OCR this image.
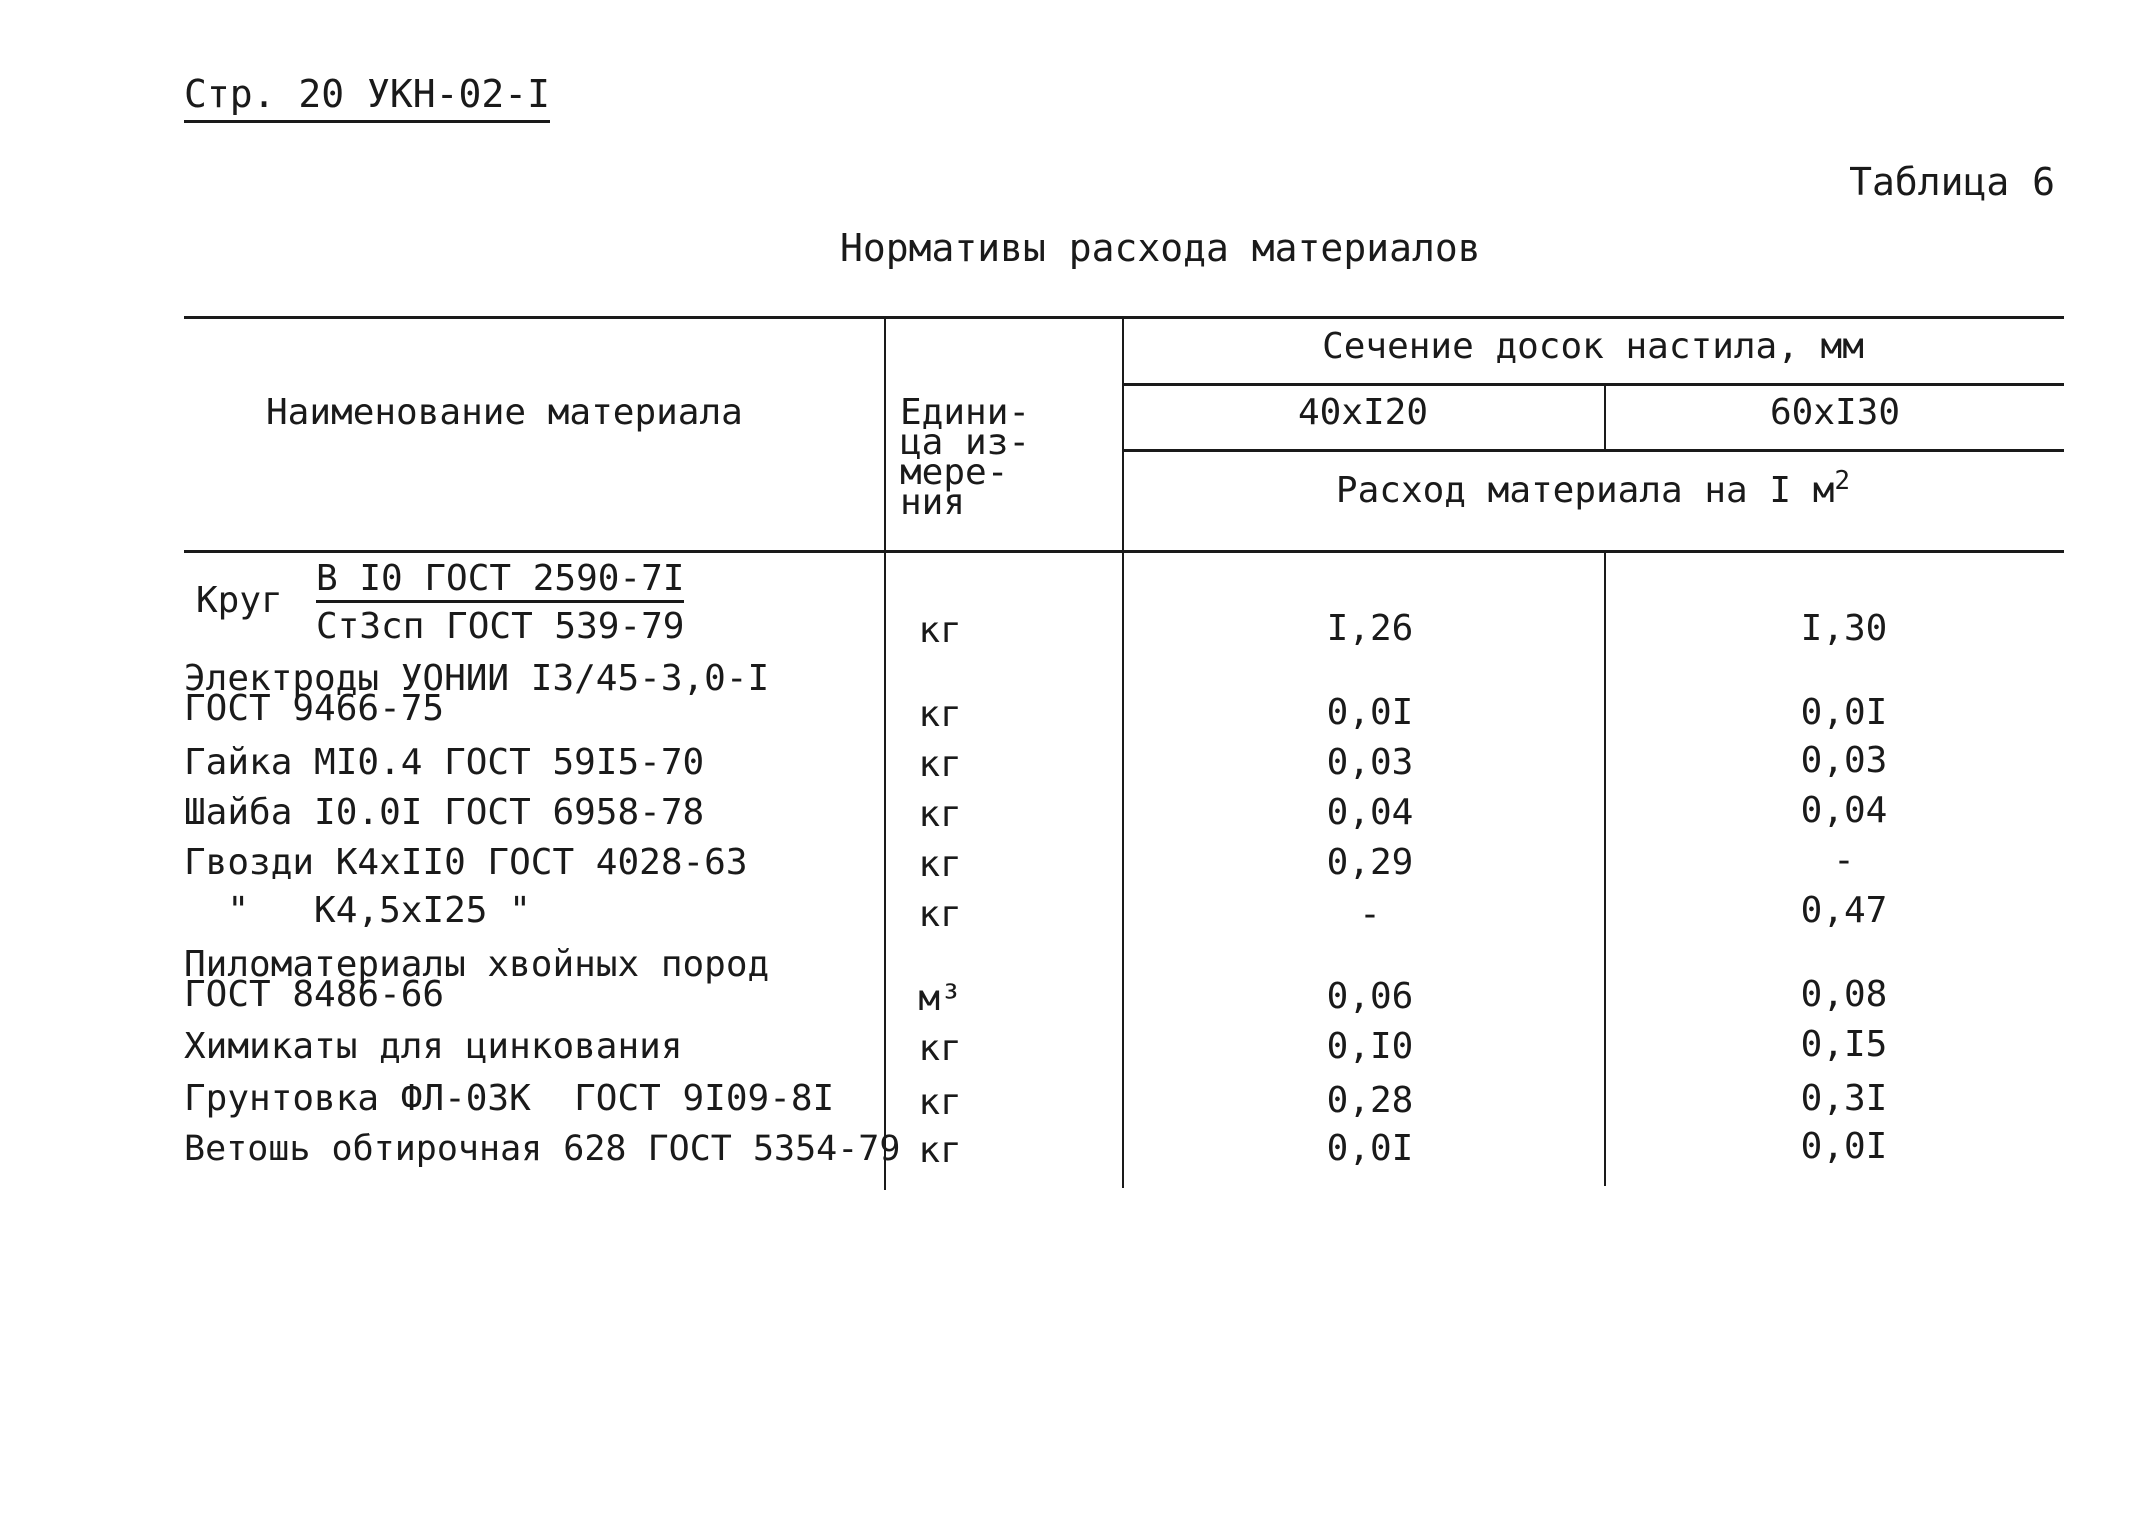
Стр. 20 УКН-02-I
Таблица 6
Нормативы расхода материалов
Наименование материала	Едини-
ца из-
мере-
ния
Сечение досок настила, мм
40хI20	60хI30
Расход материала на I $м^2$
Круг
В I0 ГОСТ 2590-7I
Ст3сп ГОСТ 539-79	кг	I,26	I,30
Электроды УОНИИ I3/45-3,0-I
ГОСТ 9466-75	кг	0,0I	0,0I
Гайка МI0.4 ГОСТ 59I5-70	кг	0,03	0,03
Шайба I0.0I ГОСТ 6958-78	кг	0,04	0,04
Гвозди К4хII0 ГОСТ 4028-63	кг	0,29	-
"   К4,5хI25 "	кг	-	0,47
Пиломатериалы хвойных пород
ГОСТ 8486-66	м³	0,06	0,08
Химикаты для цинкования	кг	0,I0	0,I5
Грунтовка ФЛ-03К  ГОСТ 9I09-8I	кг	0,28	0,3I
Ветошь обтирочная 628 ГОСТ 5354-79 кг	0,0I	0,0I
